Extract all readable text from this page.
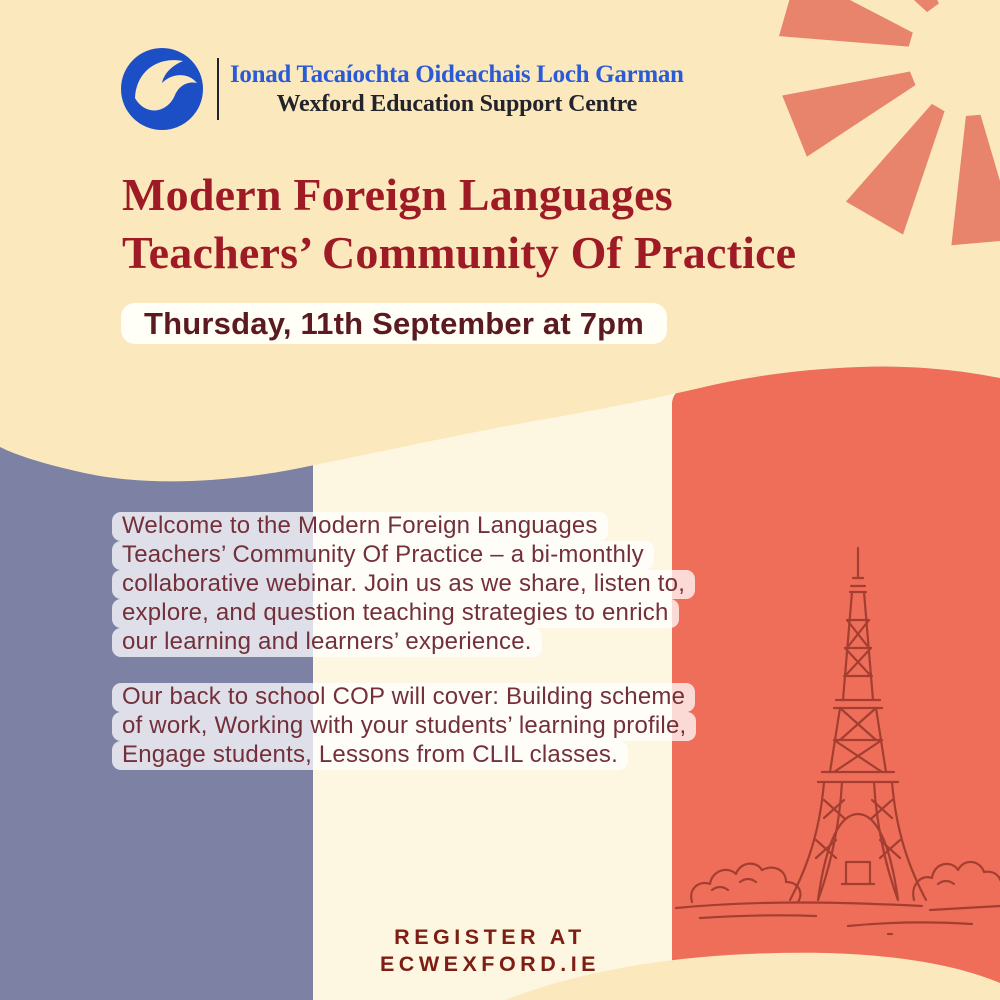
Ionad Tacaíochta Oideachais Loch Garman
Wexford Education Support Centre
Modern Foreign Languages
Teachers’ Community Of Practice
Thursday, 11th September at 7pm

Welcome to the Modern Foreign Languages
Teachers’ Community Of Practice – a bi-monthly
collaborative webinar. Join us as we share, listen to,
explore, and question teaching strategies to enrich
our learning and learners’ experience.

Our back to school COP will cover: Building scheme
of work, Working with your students’ learning profile,
Engage students, Lessons from CLIL classes.

REGISTER AT
ECWEXFORD.IE
